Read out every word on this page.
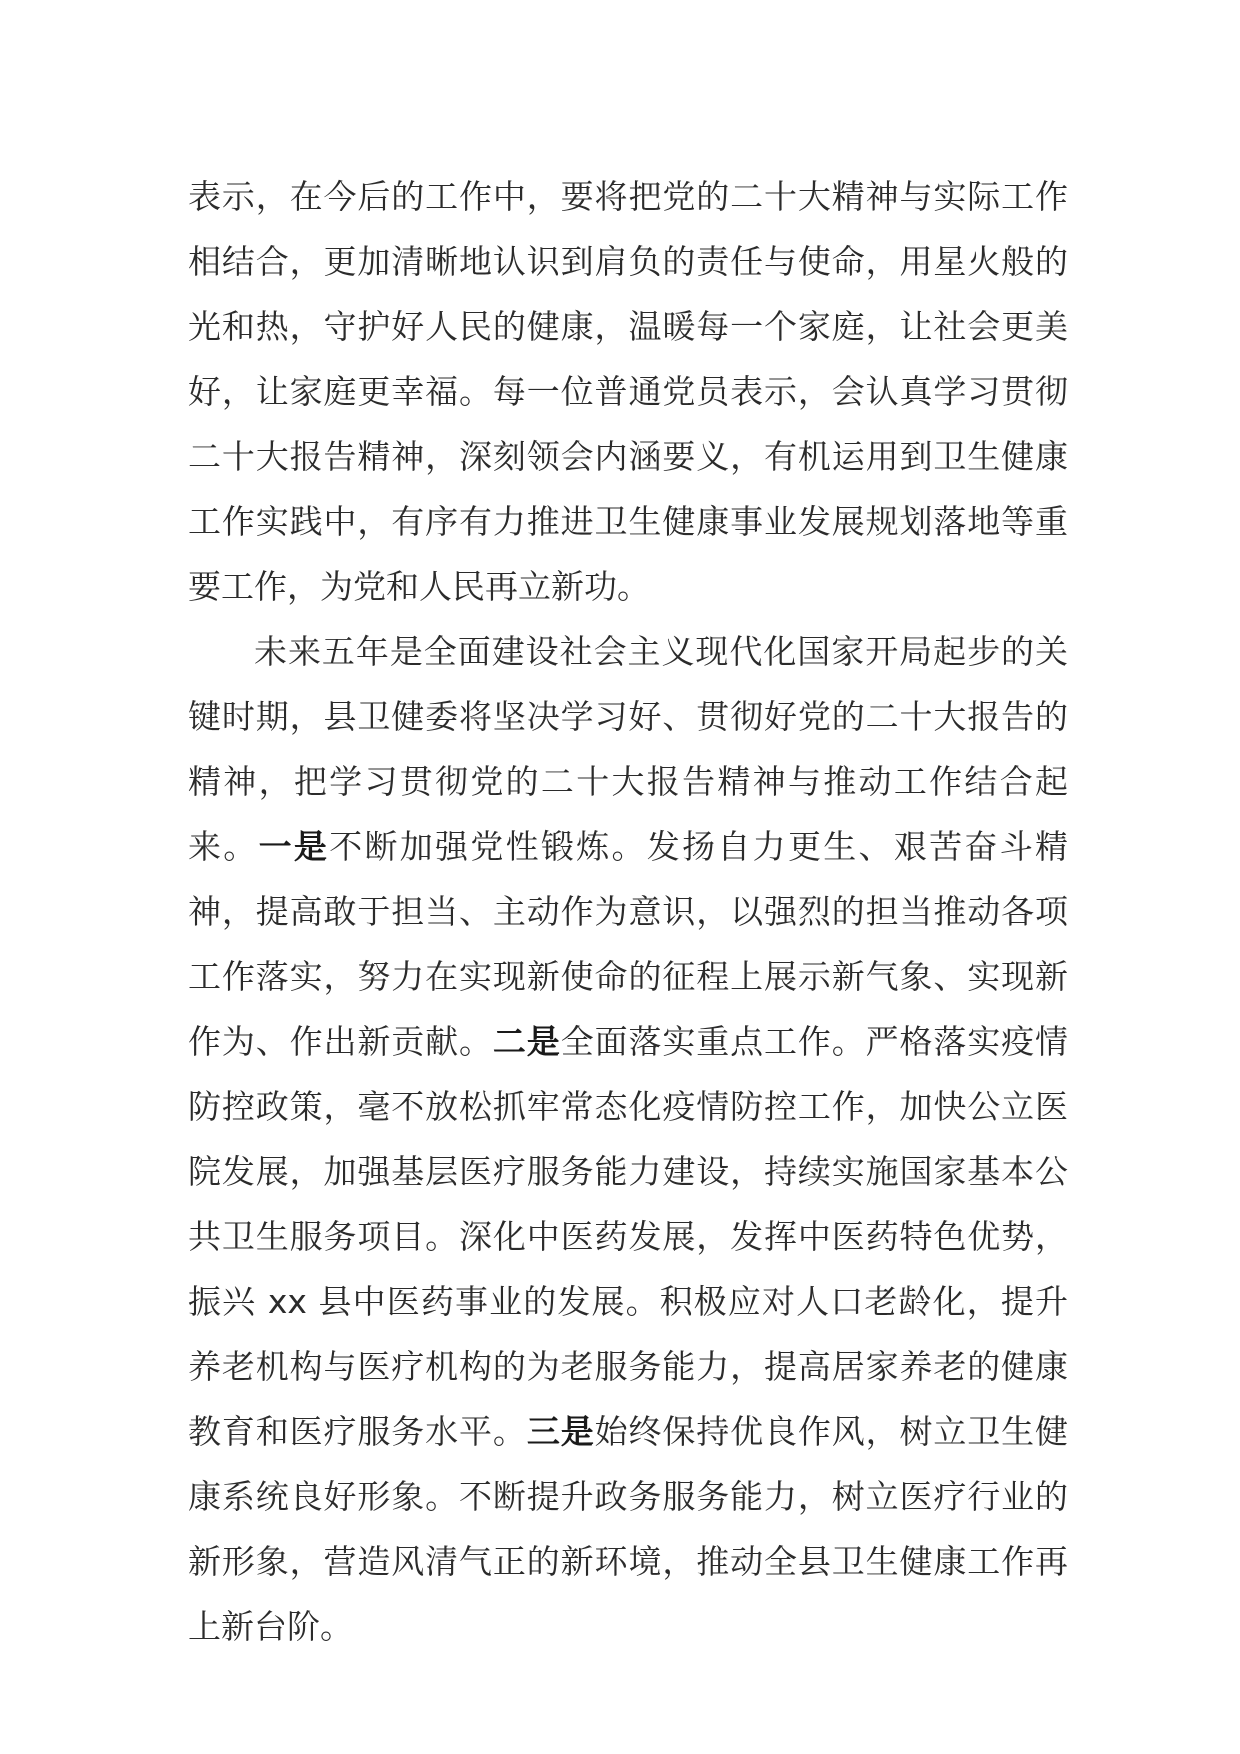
表示，在今后的工作中，要将把党的二十大精神与实际工作相结合，更加清晰地认识到肩负的责任与使命，用星火般的光和热，守护好人民的健康，温暖每一个家庭，让社会更美好，让家庭更幸福。每一位普通党员表示，会认真学习贯彻二十大报告精神，深刻领会内涵要义，有机运用到卫生健康工作实践中，有序有力推进卫生健康事业发展规划落地等重要工作，为党和人民再立新功。

未来五年是全面建设社会主义现代化国家开局起步的关键时期，县卫健委将坚决学习好、贯彻好党的二十大报告的精神，把学习贯彻党的二十大报告精神与推动工作结合起来。一是不断加强党性锻炼。发扬自力更生、艰苦奋斗精神，提高敢于担当、主动作为意识，以强烈的担当推动各项工作落实，努力在实现新使命的征程上展示新气象、实现新作为、作出新贡献。二是全面落实重点工作。严格落实疫情防控政策，毫不放松抓牢常态化疫情防控工作，加快公立医院发展，加强基层医疗服务能力建设，持续实施国家基本公共卫生服务项目。深化中医药发展，发挥中医药特色优势，振兴 xx 县中医药事业的发展。积极应对人口老龄化，提升养老机构与医疗机构的为老服务能力，提高居家养老的健康教育和医疗服务水平。三是始终保持优良作风，树立卫生健康系统良好形象。不断提升政务服务能力，树立医疗行业的新形象，营造风清气正的新环境，推动全县卫生健康工作再上新台阶。
